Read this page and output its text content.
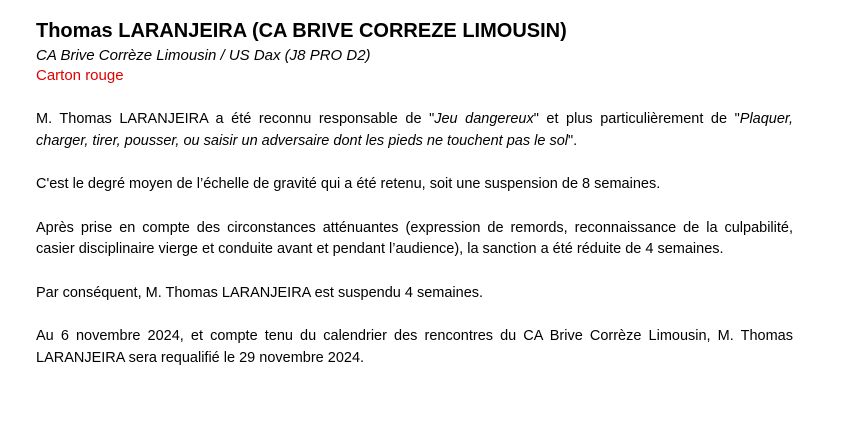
Thomas LARANJEIRA (CA BRIVE CORREZE LIMOUSIN)
CA Brive Corrèze Limousin / US Dax (J8 PRO D2)
Carton rouge

M. Thomas LARANJEIRA a été reconnu responsable de "Jeu dangereux" et plus particulièrement de "Plaquer, charger, tirer, pousser, ou saisir un adversaire dont les pieds ne touchent pas le sol".

C'est le degré moyen de l’échelle de gravité qui a été retenu, soit une suspension de 8 semaines.

Après prise en compte des circonstances atténuantes (expression de remords, reconnaissance de la culpabilité, casier disciplinaire vierge et conduite avant et pendant l’audience), la sanction a été réduite de 4 semaines.

Par conséquent, M. Thomas LARANJEIRA est suspendu 4 semaines.

Au 6 novembre 2024, et compte tenu du calendrier des rencontres du CA Brive Corrèze Limousin, M. Thomas LARANJEIRA sera requalifié le 29 novembre 2024.
